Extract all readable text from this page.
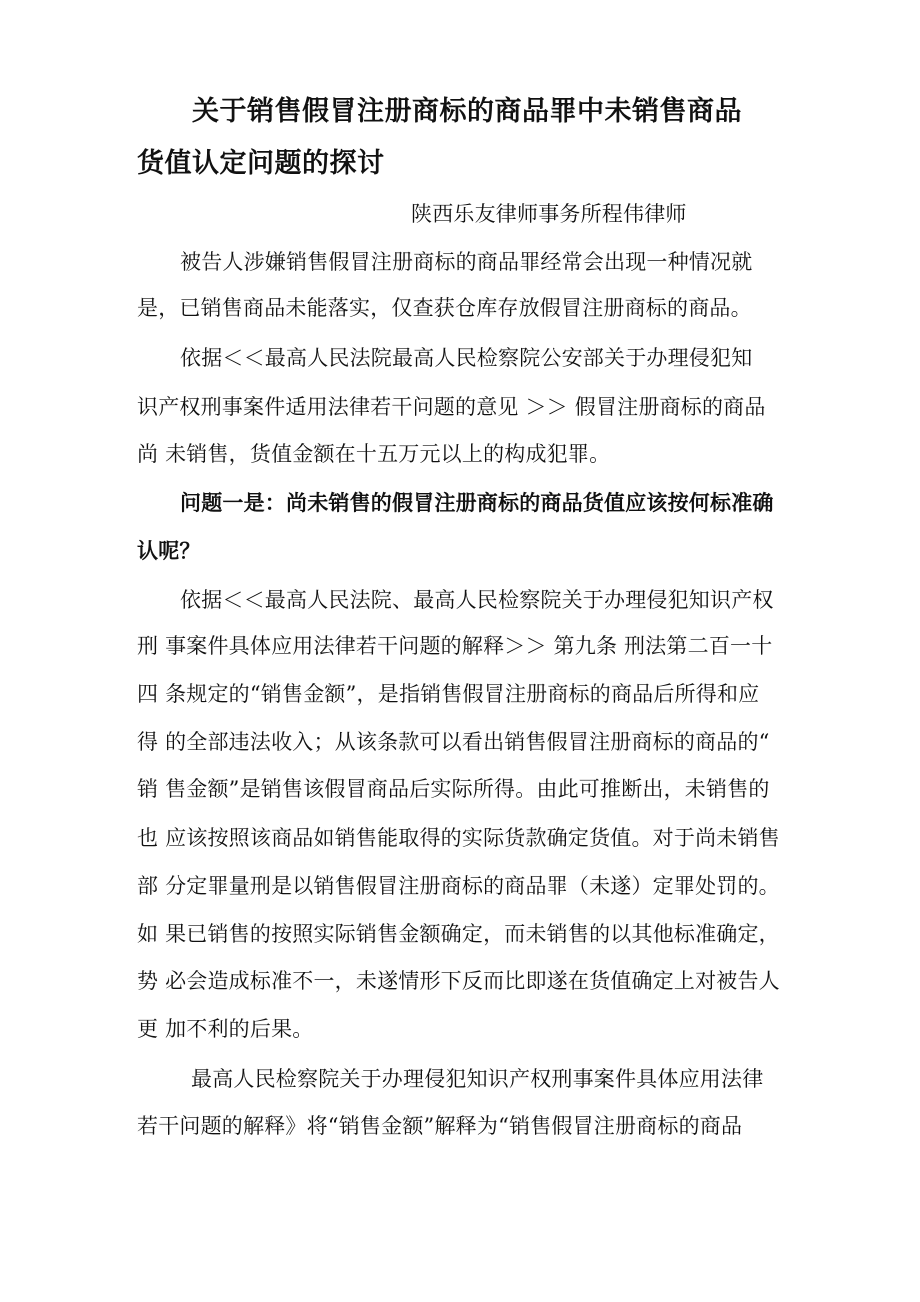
关于销售假冒注册商标的商品罪中未销售商品
货值认定问题的探讨
陕西乐友律师事务所程伟律师
被告人涉嫌销售假冒注册商标的商品罪经常会出现一种情况就
是，已销售商品未能落实，仅查获仓库存放假冒注册商标的商品。
依据＜＜最高人民法院最高人民检察院公安部关于办理侵犯知
识产权刑事案件适用法律若干问题的意见 ＞＞ 假冒注册商标的商品
尚 未销售，货值金额在十五万元以上的构成犯罪。
问题一是：尚未销售的假冒注册商标的商品货值应该按何标准确
认呢？
依据＜＜最高人民法院、最高人民检察院关于办理侵犯知识产权
刑 事案件具体应用法律若干问题的解释＞＞ 第九条 刑法第二百一十
四 条规定的“销售金额”，是指销售假冒注册商标的商品后所得和应
得 的全部违法收入；从该条款可以看出销售假冒注册商标的商品的“
销 售金额”是销售该假冒商品后实际所得。由此可推断出，未销售的
也 应该按照该商品如销售能取得的实际货款确定货值。对于尚未销售
部 分定罪量刑是以销售假冒注册商标的商品罪（未遂）定罪处罚的。
如 果已销售的按照实际销售金额确定，而未销售的以其他标准确定，
势 必会造成标准不一，未遂情形下反而比即遂在货值确定上对被告人
更 加不利的后果。
最高人民检察院关于办理侵犯知识产权刑事案件具体应用法律
若干问题的解释》将“销售金额”解释为“销售假冒注册商标的商品
